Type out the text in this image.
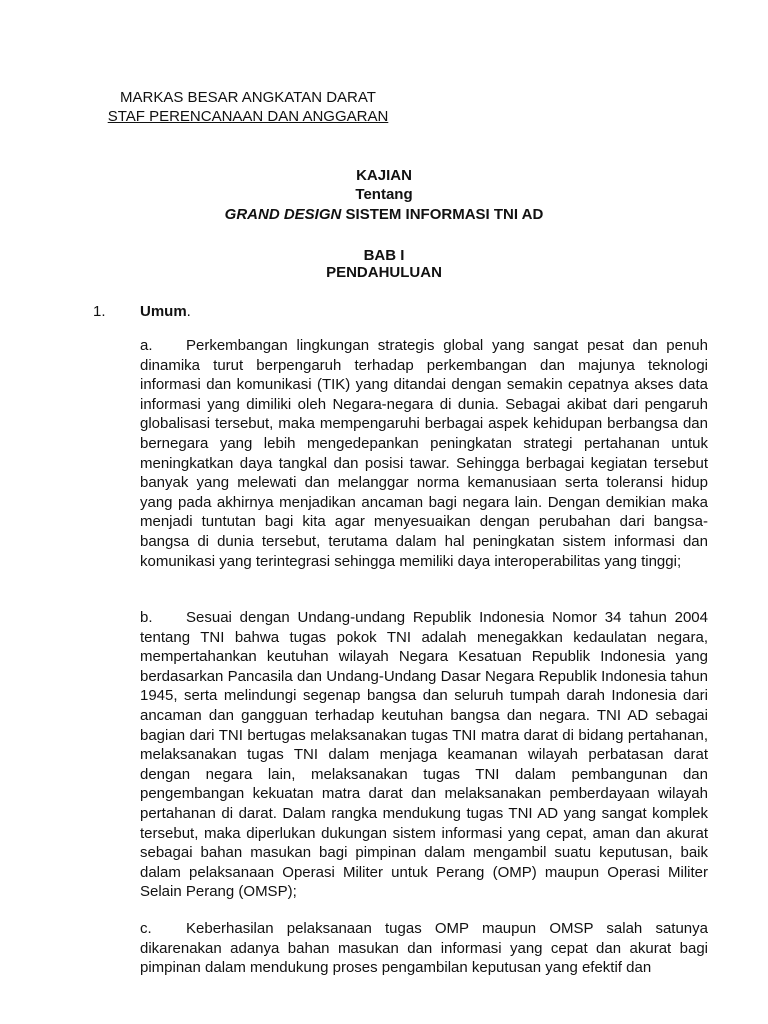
MARKAS BESAR ANGKATAN DARAT
STAF PERENCANAAN DAN ANGGARAN
KAJIAN
Tentang
GRAND DESIGN SISTEM INFORMASI TNI AD
BAB I
PENDAHULUAN
1. Umum.
a. Perkembangan lingkungan strategis global yang sangat pesat dan penuh dinamika turut berpengaruh terhadap perkembangan dan majunya teknologi informasi dan komunikasi (TIK) yang ditandai dengan semakin cepatnya akses data informasi yang dimiliki oleh Negara-negara di dunia. Sebagai akibat dari pengaruh globalisasi tersebut, maka mempengaruhi berbagai aspek kehidupan berbangsa dan bernegara yang lebih mengedepankan peningkatan strategi pertahanan untuk meningkatkan daya tangkal dan posisi tawar. Sehingga berbagai kegiatan tersebut banyak yang melewati dan melanggar norma kemanusiaan serta toleransi hidup yang pada akhirnya menjadikan ancaman bagi negara lain. Dengan demikian maka menjadi tuntutan bagi kita agar menyesuaikan dengan perubahan dari bangsa-bangsa di dunia tersebut, terutama dalam hal peningkatan sistem informasi dan komunikasi yang terintegrasi sehingga memiliki daya interoperabilitas yang tinggi;
b. Sesuai dengan Undang-undang Republik Indonesia Nomor 34 tahun 2004 tentang TNI bahwa tugas pokok TNI adalah menegakkan kedaulatan negara, mempertahankan keutuhan wilayah Negara Kesatuan Republik Indonesia yang berdasarkan Pancasila dan Undang-Undang Dasar Negara Republik Indonesia tahun 1945, serta melindungi segenap bangsa dan seluruh tumpah darah Indonesia dari ancaman dan gangguan terhadap keutuhan bangsa dan negara. TNI AD sebagai bagian dari TNI bertugas melaksanakan tugas TNI matra darat di bidang pertahanan, melaksanakan tugas TNI dalam menjaga keamanan wilayah perbatasan darat dengan negara lain, melaksanakan tugas TNI dalam pembangunan dan pengembangan kekuatan matra darat dan melaksanakan pemberdayaan wilayah pertahanan di darat. Dalam rangka mendukung tugas TNI AD yang sangat komplek tersebut, maka diperlukan dukungan sistem informasi yang cepat, aman dan akurat sebagai bahan masukan bagi pimpinan dalam mengambil suatu keputusan, baik dalam pelaksanaan Operasi Militer untuk Perang (OMP) maupun Operasi Militer Selain Perang (OMSP);
c. Keberhasilan pelaksanaan tugas OMP maupun OMSP salah satunya dikarenakan adanya bahan masukan dan informasi yang cepat dan akurat bagi pimpinan dalam mendukung proses pengambilan keputusan yang efektif dan
